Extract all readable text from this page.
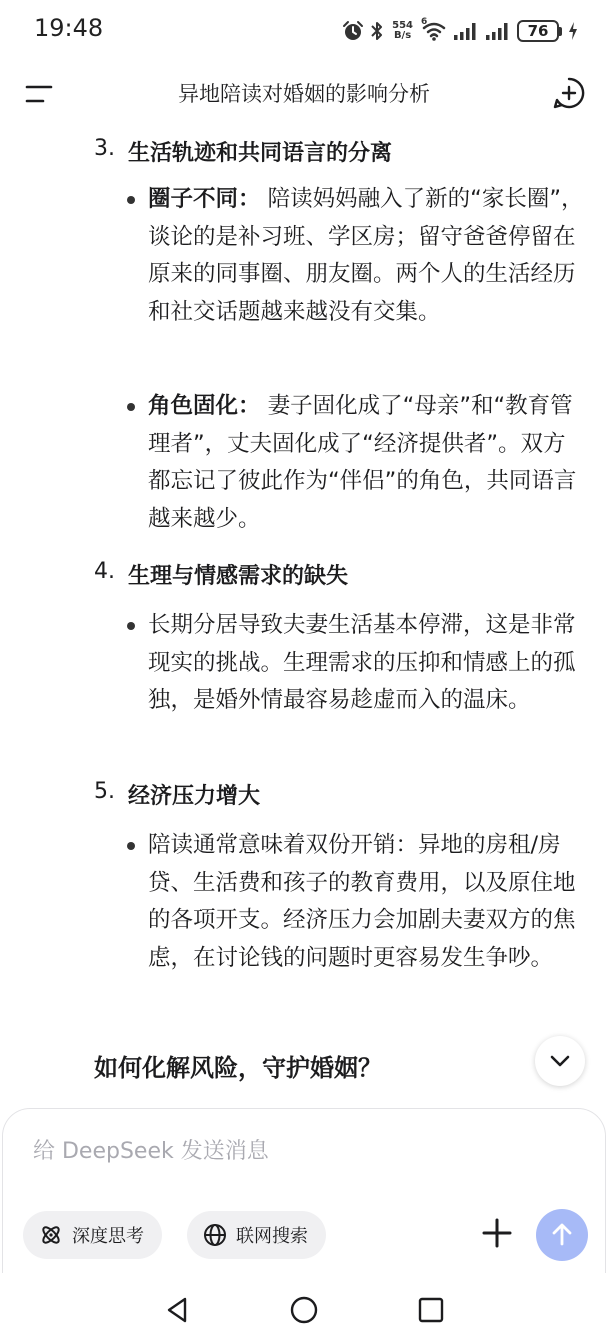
19:48	554
B/s
6	76
异地陪读对婚姻的影响分析
3. 生活轨迹和共同语言的分离
圈子不同： 陪读妈妈融入了新的“家长圈”，谈论的是补习班、学区房；留守爸爸停留在原来的同事圈、朋友圈。两个人的生活经历和社交话题越来越没有交集。
角色固化： 妻子固化成了“母亲”和“教育管理者”，丈夫固化成了“经济提供者”。双方都忘记了彼此作为“伴侣”的角色，共同语言越来越少。
4. 生理与情感需求的缺失
长期分居导致夫妻生活基本停滞，这是非常现实的挑战。生理需求的压抑和情感上的孤独，是婚外情最容易趁虚而入的温床。
5. 经济压力增大
陪读通常意味着双份开销：异地的房租/房贷、生活费和孩子的教育费用，以及原住地的各项开支。经济压力会加剧夫妻双方的焦虑，在讨论钱的问题时更容易发生争吵。
如何化解风险，守护婚姻？
给 DeepSeek 发送消息
深度思考	联网搜索
